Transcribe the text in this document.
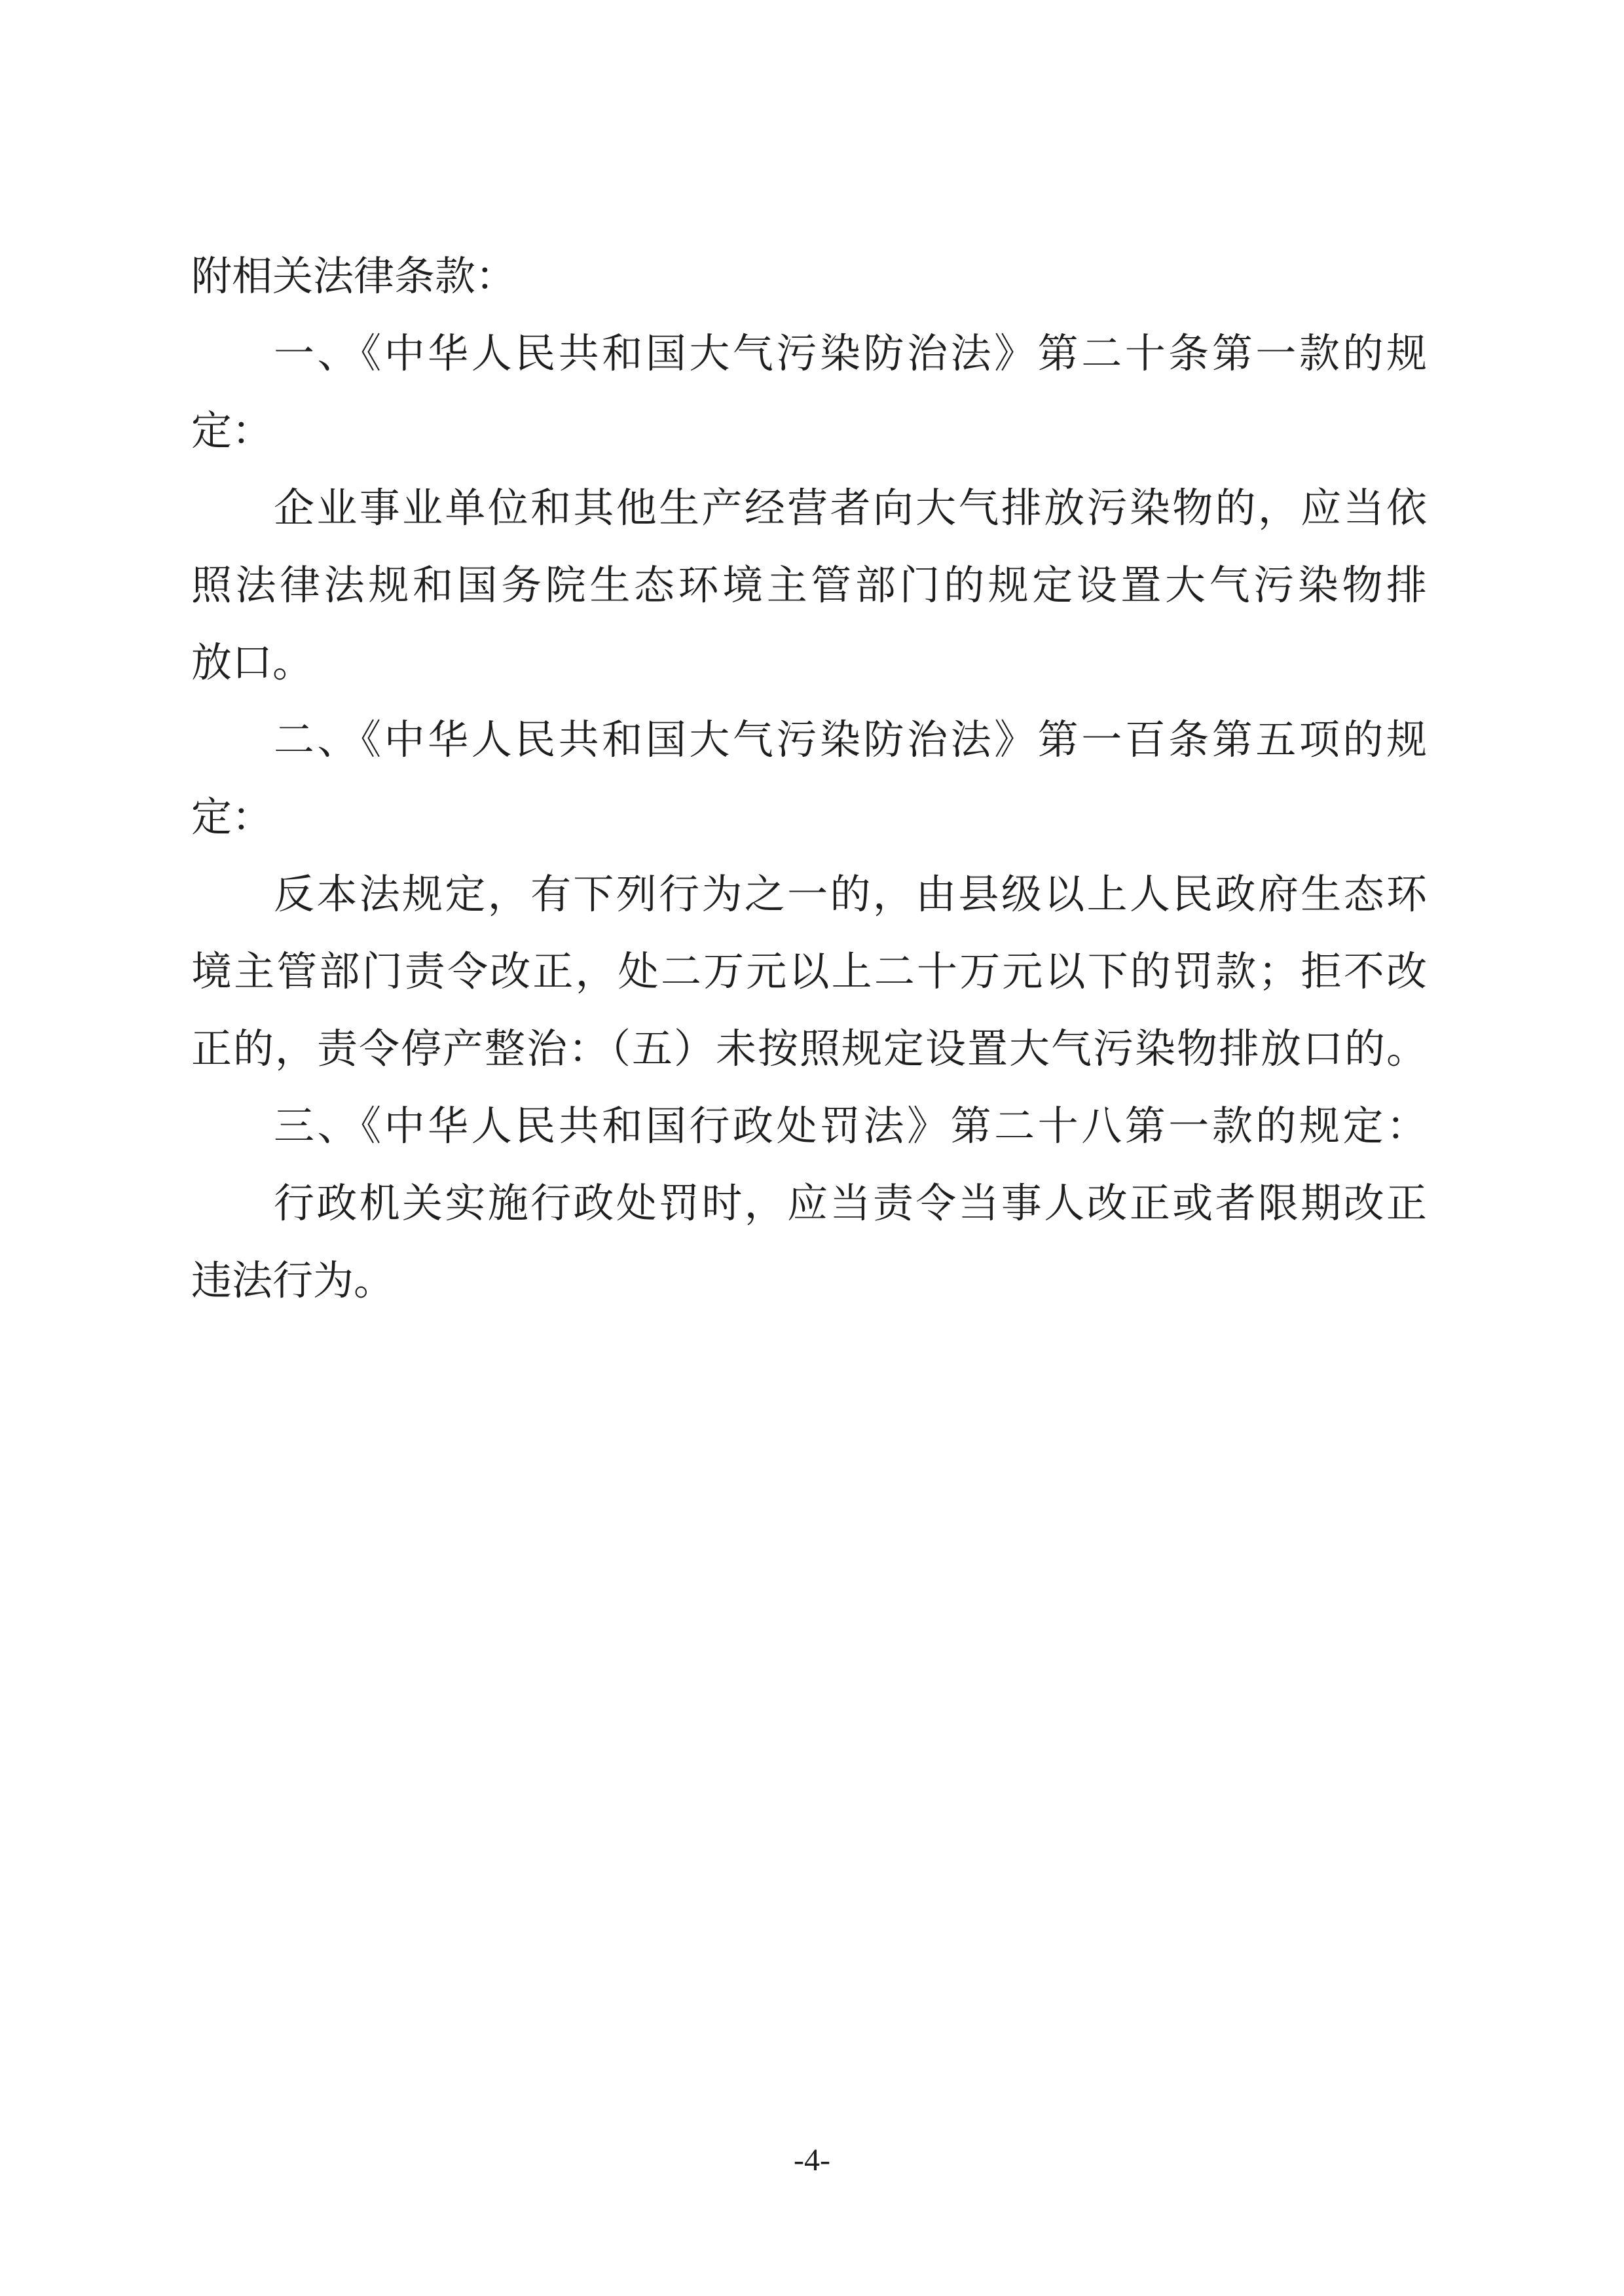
附相关法律条款：
一、《中华人民共和国大气污染防治法》第二十条第一款的规
定：
企业事业单位和其他生产经营者向大气排放污染物的，应当依
照法律法规和国务院生态环境主管部门的规定设置大气污染物排
放口。
二、《中华人民共和国大气污染防治法》第一百条第五项的规
定：
反本法规定，有下列行为之一的，由县级以上人民政府生态环
境主管部门责令改正，处二万元以上二十万元以下的罚款；拒不改
正的，责令停产整治：（五）未按照规定设置大气污染物排放口的。
三、《中华人民共和国行政处罚法》第二十八第一款的规定：
行政机关实施行政处罚时，应当责令当事人改正或者限期改正
违法行为。
-4-
